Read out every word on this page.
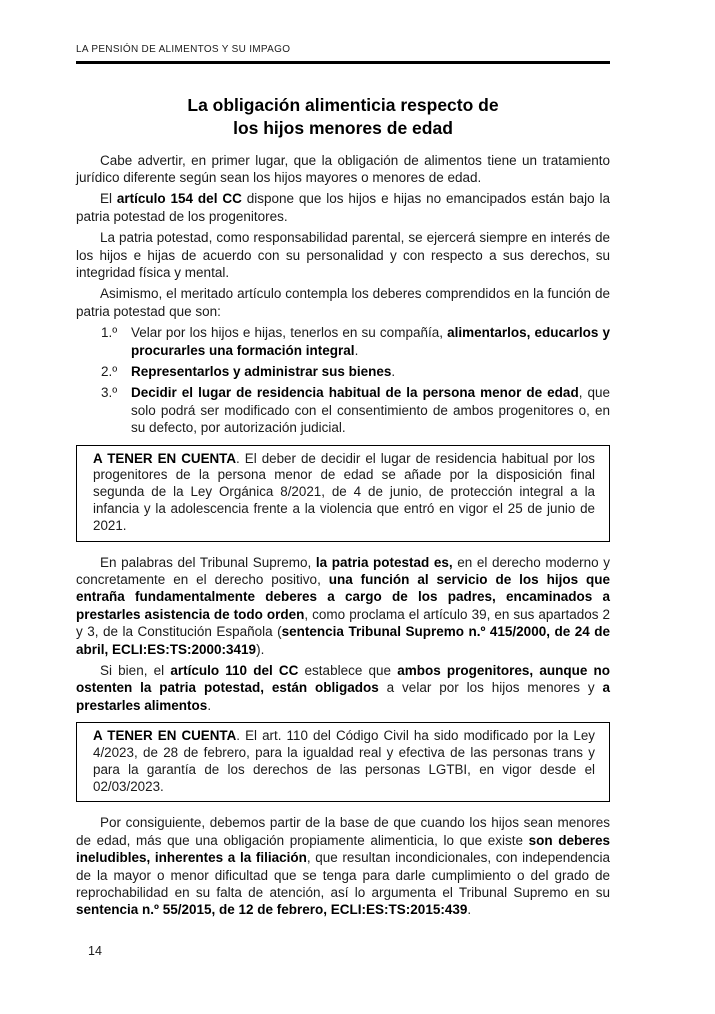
LA PENSIÓN DE ALIMENTOS Y SU IMPAGO
La obligación alimenticia respecto de
los hijos menores de edad

Cabe advertir, en primer lugar, que la obligación de alimentos tiene un tratamiento jurídico diferente según sean los hijos mayores o menores de edad.

El artículo 154 del CC dispone que los hijos e hijas no emancipados están bajo la patria potestad de los progenitores.

La patria potestad, como responsabilidad parental, se ejercerá siempre en interés de los hijos e hijas de acuerdo con su personalidad y con respecto a sus derechos, su integridad física y mental.

Asimismo, el meritado artículo contempla los deberes comprendidos en la función de patria potestad que son:

1.º	Velar por los hijos e hijas, tenerlos en su compañía, alimentarlos, educarlos y procurarles una formación integral.
2.º	Representarlos y administrar sus bienes.
3.º	Decidir el lugar de residencia habitual de la persona menor de edad, que solo podrá ser modificado con el consentimiento de ambos progenitores o, en su defecto, por autorización judicial.

A TENER EN CUENTA. El deber de decidir el lugar de residencia habitual por los progenitores de la persona menor de edad se añade por la disposición final segunda de la Ley Orgánica 8/2021, de 4 de junio, de protección integral a la infancia y la adolescencia frente a la violencia que entró en vigor el 25 de junio de 2021.

En palabras del Tribunal Supremo, la patria potestad es, en el derecho moderno y concretamente en el derecho positivo, una función al servicio de los hijos que entraña fundamentalmente deberes a cargo de los padres, encaminados a prestarles asistencia de todo orden, como proclama el artículo 39, en sus apartados 2 y 3, de la Constitución Española (sentencia Tribunal Supremo n.º 415/2000, de 24 de abril, ECLI:ES:TS:2000:3419).

Si bien, el artículo 110 del CC establece que ambos progenitores, aunque no ostenten la patria potestad, están obligados a velar por los hijos menores y a prestarles alimentos.

A TENER EN CUENTA. El art. 110 del Código Civil ha sido modificado por la Ley 4/2023, de 28 de febrero, para la igualdad real y efectiva de las personas trans y para la garantía de los derechos de las personas LGTBI, en vigor desde el 02/03/2023.

Por consiguiente, debemos partir de la base de que cuando los hijos sean menores de edad, más que una obligación propiamente alimenticia, lo que existe son deberes ineludibles, inherentes a la filiación, que resultan incondicionales, con independencia de la mayor o menor dificultad que se tenga para darle cumplimiento o del grado de reprochabilidad en su falta de atención, así lo argumenta el Tribunal Supremo en su sentencia n.º 55/2015, de 12 de febrero, ECLI:ES:TS:2015:439.

14
